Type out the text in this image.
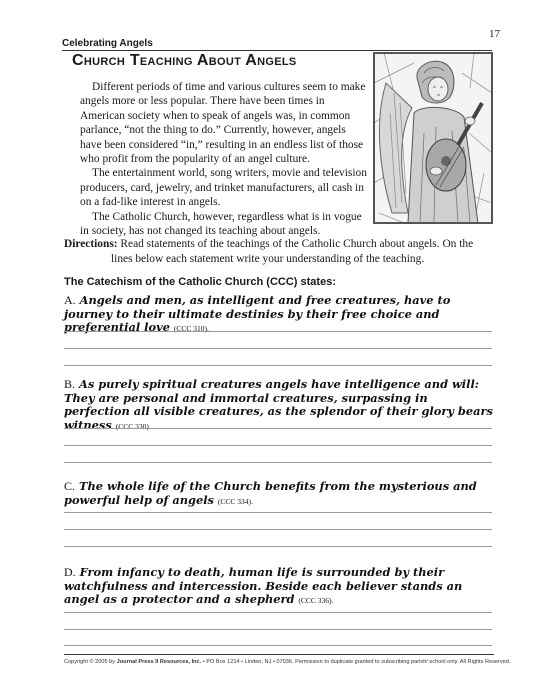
17
Celebrating Angels
Church Teaching About Angels

Different periods of time and various cultures seem to make angels more or less popular. There have been times in American society when to speak of angels was, in common parlance, “not the thing to do.” Currently, however, angels have been considered “in,” resulting in an endless list of those who profit from the popularity of an angel culture.

The entertainment world, song writers, movie and television producers, card, jewelry, and trinket manufacturers, all cash in on a fad-like interest in angels.

The Catholic Church, however, regardless what is in vogue in society, has not changed its teaching about angels.

Directions: Read statements of the teachings of the Catholic Church about angels. On the
lines below each statement write your understanding of the teaching.

The Catechism of the Catholic Church (CCC) states:

A. Angels and men, as intelligent and free creatures, have to journey to their ultimate destinies by their free choice and preferential love (CCC 310).

B. As purely spiritual creatures angels have intelligence and will: They are personal and immortal creatures, surpassing in perfection all visible creatures, as the splendor of their glory bears witness (CCC 330).

C. The whole life of the Church benefits from the mysterious and powerful help of angels (CCC 334).

D. From infancy to death, human life is surrounded by their watchfulness and intercession. Beside each believer stands an angel as a protector and a shepherd (CCC 336).

Copyright © 2005 by Journal Press II Resources, Inc. • PO Box 1214 • Linden, NJ • 07036. Permission to duplicate granted to subscribing parish/ school only. All Rights Reserved.
